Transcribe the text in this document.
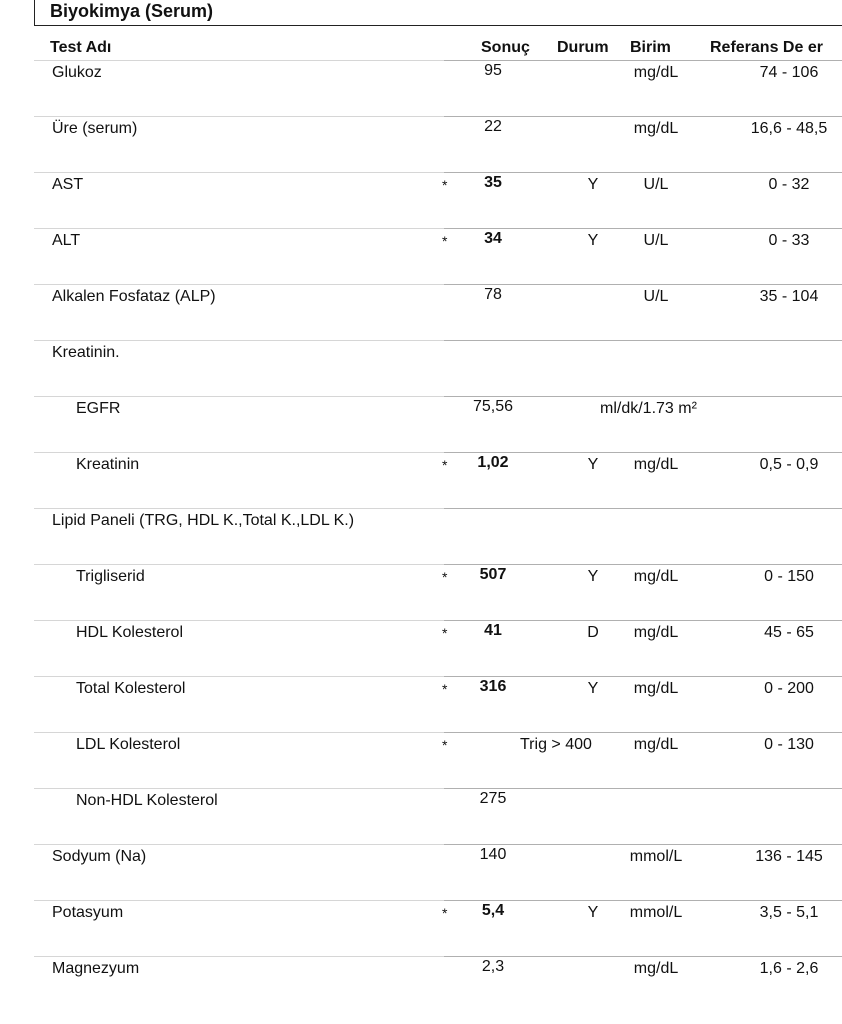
Biyokimya (Serum)
Test Adı	Sonuç Durum Birim Referans De er
Glukoz	95	mg/dL	74 - 106
Üre (serum)	22	mg/dL	16,6 - 48,5
AST	*	35	Y	U/L	0 - 32
ALT	*	34	Y	U/L	0 - 33
Alkalen Fosfataz (ALP)	78	U/L	35 - 104
Kreatinin.
EGFR	75,56	ml/dk/1.73 m²
Kreatinin	*	1,02	Y	mg/dL	0,5 - 0,9
Lipid Paneli (TRG, HDL K.,Total K.,LDL K.)
Trigliserid	*	507	Y	mg/dL	0 - 150
HDL Kolesterol	*	41	D	mg/dL	45 - 65
Total Kolesterol	*	316	Y	mg/dL	0 - 200
LDL Kolesterol	*	Trig > 400	mg/dL	0 - 130
Non-HDL Kolesterol	275
Sodyum (Na)	140	mmol/L	136 - 145
Potasyum	*	5,4	Y	mmol/L	3,5 - 5,1
Magnezyum	2,3	mg/dL	1,6 - 2,6
